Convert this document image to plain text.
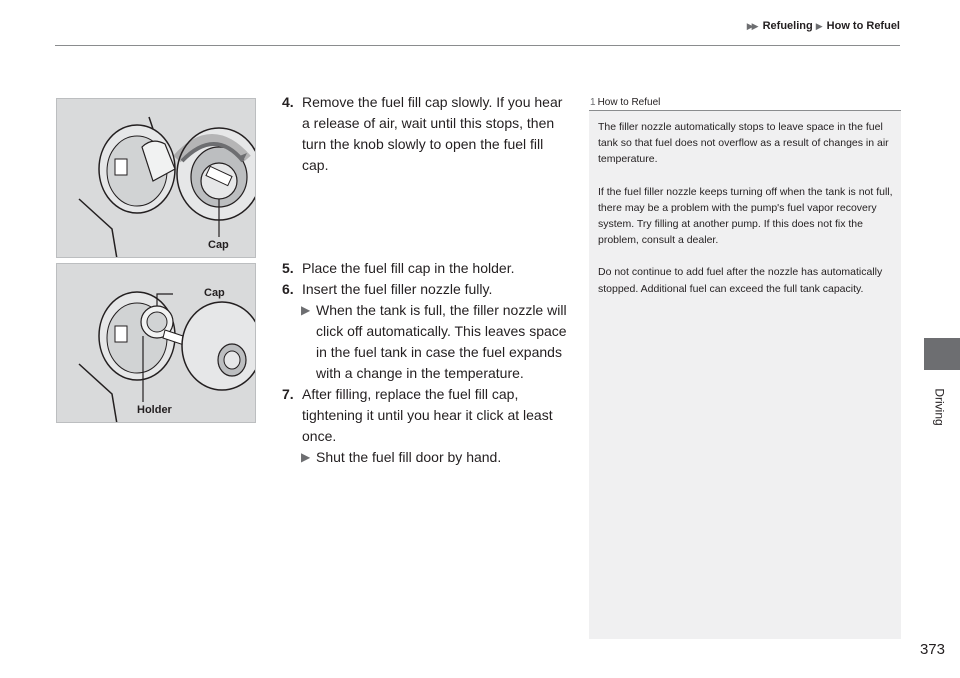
▶▶ Refueling ▶ How to Refuel
Driving
Cap
Cap
Holder
4. Remove the fuel fill cap slowly. If you hear a release of air, wait until this stops, then turn the knob slowly to open the fuel fill cap.
5. Place the fuel fill cap in the holder.
6. Insert the fuel filler nozzle fully.
▶ When the tank is full, the filler nozzle will click off automatically. This leaves space in the fuel tank in case the fuel expands with a change in the temperature.
7. After filling, replace the fuel fill cap, tightening it until you hear it click at least once.
▶ Shut the fuel fill door by hand.
1 How to Refuel

The filler nozzle automatically stops to leave space in the fuel tank so that fuel does not overflow as a result of changes in air temperature.

If the fuel filler nozzle keeps turning off when the tank is not full, there may be a problem with the pump's fuel vapor recovery system. Try filling at another pump. If this does not fix the problem, consult a dealer.

Do not continue to add fuel after the nozzle has automatically stopped. Additional fuel can exceed the full tank capacity.

373
